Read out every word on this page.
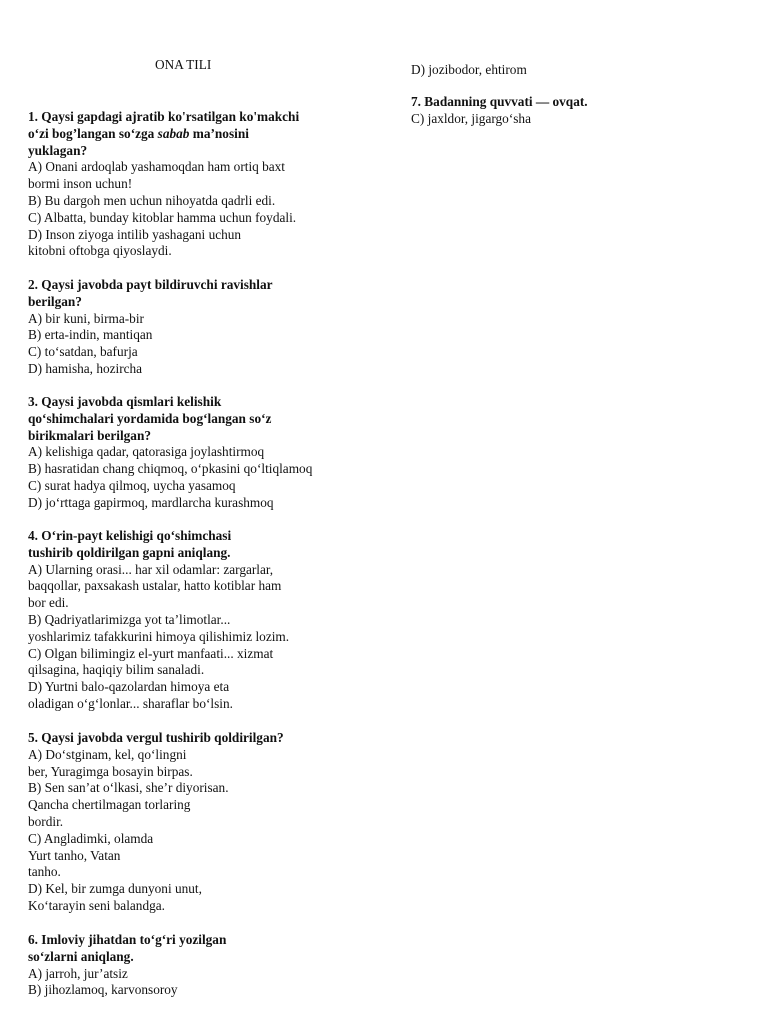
ONA TILI
1. Qaysi gapdagi ajratib ko'rsatilgan ko'makchi
o‘zi bog’langan so‘zga sabab ma’nosini
yuklagan?
A) Onani ardoqlab yashamoqdan ham ortiq baxt
bormi inson uchun!
B) Bu dargoh men uchun nihoyatda qadrli edi.
C) Albatta, bunday kitoblar hamma uchun foydali.
D) Inson ziyoga intilib yashagani uchun
kitobni oftobga qiyoslaydi.
2. Qaysi javobda payt bildiruvchi ravishlar
berilgan?
A) bir kuni, birma-bir
B) erta-indin, mantiqan
C) to‘satdan, bafurja
D) hamisha, hozircha
3. Qaysi javobda qismlari kelishik
qo‘shimchalari yordamida bog‘langan so‘z
birikmalari berilgan?
A) kelishiga qadar, qatorasiga joylashtirmoq
B) hasratidan chang chiqmoq, o‘pkasini qo‘ltiqlamoq
C) surat hadya qilmoq, uycha yasamoq
D) jo‘rttaga gapirmoq, mardlarcha kurashmoq
4. O‘rin-payt kelishigi qo‘shimchasi
tushirib qoldirilgan gapni aniqlang.
A) Ularning orasi... har xil odamlar: zargarlar,
baqqollar, paxsakash ustalar, hatto kotiblar ham
bor edi.
B) Qadriyatlarimizga yot ta’limotlar...
yoshlarimiz tafakkurini himoya qilishimiz lozim.
C) Olgan bilimingiz el-yurt manfaati... xizmat
qilsagina, haqiqiy bilim sanaladi.
D) Yurtni balo-qazolardan himoya eta
oladigan o‘g‘lonlar... sharaflar bo‘lsin.
5. Qaysi javobda vergul tushirib qoldirilgan?
A) Do‘stginam, kel, qo‘lingni
ber, Yuragimga bosayin birpas.
B) Sen san’at o‘lkasi, she’r diyorisan.
Qancha chertilmagan torlaring
bordir.
C) Angladimki, olamda
Yurt tanho, Vatan
tanho.
D) Kel, bir zumga dunyoni unut,
Ko‘tarayin seni balandga.
6. Imloviy jihatdan to‘g‘ri yozilgan
so‘zlarni aniqlang.
A) jarroh, jur’atsiz
B) jihozlamoq, karvonsoroy
D) jozibodor, ehtirom
7. Badanning quvvati — ovqat.
C) jaxldor, jigargo‘sha
